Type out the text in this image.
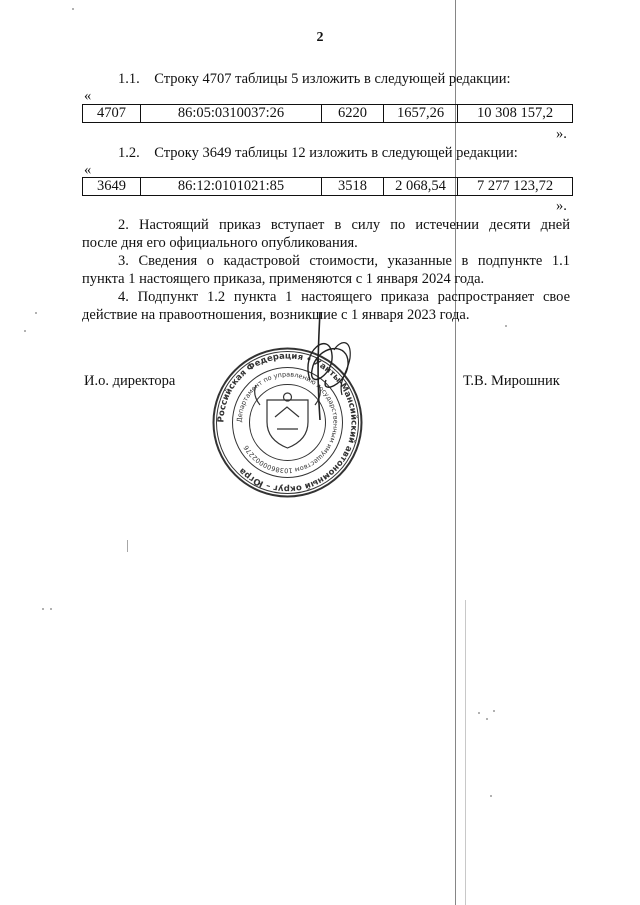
2
1.1. Строку 4707 таблицы 5 изложить в следующей редакции:
«
4707	86:05:0310037:26	6220	1657,26	10 308 157,2
».
1.2. Строку 3649 таблицы 12 изложить в следующей редакции:
«
3649	86:12:0101021:85	3518	2 068,54	7 277 123,72
».
2. Настоящий приказ вступает в силу по истечении десяти дней
после дня его официального опубликования.
3. Сведения о кадастровой стоимости, указанные в подпункте 1.1
пункта 1 настоящего приказа, применяются с 1 января 2024 года.
4. Подпункт 1.2 пункта 1 настоящего приказа распространяет свое
действие на правоотношения, возникшие с 1 января 2023 года.
И.о. директора	Т.В. Мирошник
Российская Федерация • Ханты-Мансийский автономный округ – Югра
Департамент по управлению государственным имуществом 1038600002276
